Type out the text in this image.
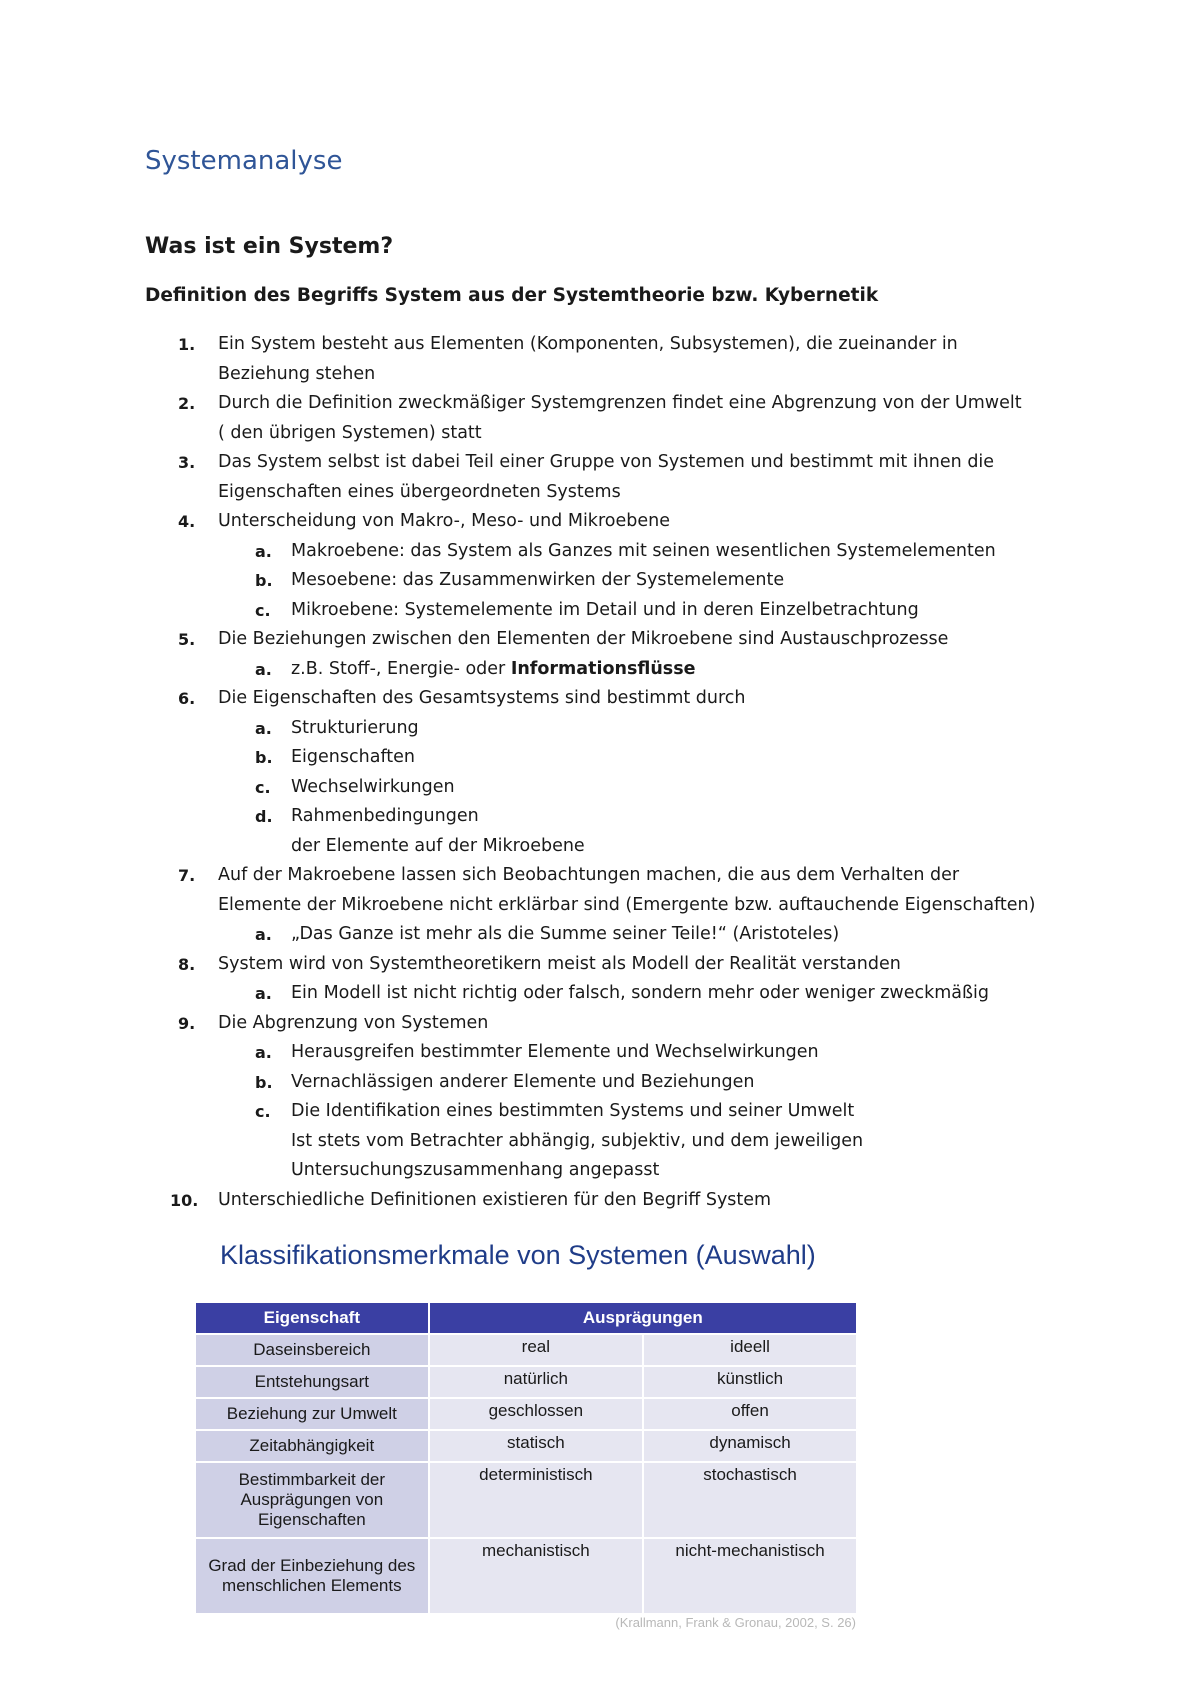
Systemanalyse
Was ist ein System?
Definition des Begriffs System aus der Systemtheorie bzw. Kybernetik
1.	Ein System besteht aus Elementen (Komponenten, Subsystemen), die zueinander in
Beziehung stehen
2.	Durch die Definition zweckmäßiger Systemgrenzen findet eine Abgrenzung von der Umwelt
( den übrigen Systemen) statt
3.	Das System selbst ist dabei Teil einer Gruppe von Systemen und bestimmt mit ihnen die
Eigenschaften eines übergeordneten Systems
4.	Unterscheidung von Makro-, Meso- und Mikroebene
a. Makroebene: das System als Ganzes mit seinen wesentlichen Systemelementen
b. Mesoebene: das Zusammenwirken der Systemelemente
c. Mikroebene: Systemelemente im Detail und in deren Einzelbetrachtung
5.	Die Beziehungen zwischen den Elementen der Mikroebene sind Austauschprozesse
a. z.B. Stoff-, Energie- oder Informationsflüsse
6.	Die Eigenschaften des Gesamtsystems sind bestimmt durch
a. Strukturierung
b. Eigenschaften
c. Wechselwirkungen
d. Rahmenbedingungen
der Elemente auf der Mikroebene
7.	Auf der Makroebene lassen sich Beobachtungen machen, die aus dem Verhalten der
Elemente der Mikroebene nicht erklärbar sind (Emergente bzw. auftauchende Eigenschaften)
a. „Das Ganze ist mehr als die Summe seiner Teile!“ (Aristoteles)
8.	System wird von Systemtheoretikern meist als Modell der Realität verstanden
a. Ein Modell ist nicht richtig oder falsch, sondern mehr oder weniger zweckmäßig
9.	Die Abgrenzung von Systemen
a. Herausgreifen bestimmter Elemente und Wechselwirkungen
b. Vernachlässigen anderer Elemente und Beziehungen
c. Die Identifikation eines bestimmten Systems und seiner Umwelt
Ist stets vom Betrachter abhängig, subjektiv, und dem jeweiligen
Untersuchungszusammenhang angepasst
10. Unterschiedliche Definitionen existieren für den Begriff System
Klassifikationsmerkmale von Systemen (Auswahl)
Eigenschaft	Ausprägungen	
Daseinsbereich	real	ideell
Entstehungsart	natürlich	künstlich
Beziehung zur Umwelt	geschlossen	offen
Zeitabhängigkeit	statisch	dynamisch
Bestimmbarkeit der Ausprägungen von Eigenschaften	deterministisch	stochastisch
Grad der Einbeziehung des menschlichen Elements	mechanistisch	nicht-mechanistisch

(Krallmann, Frank & Gronau, 2002, S. 26)
